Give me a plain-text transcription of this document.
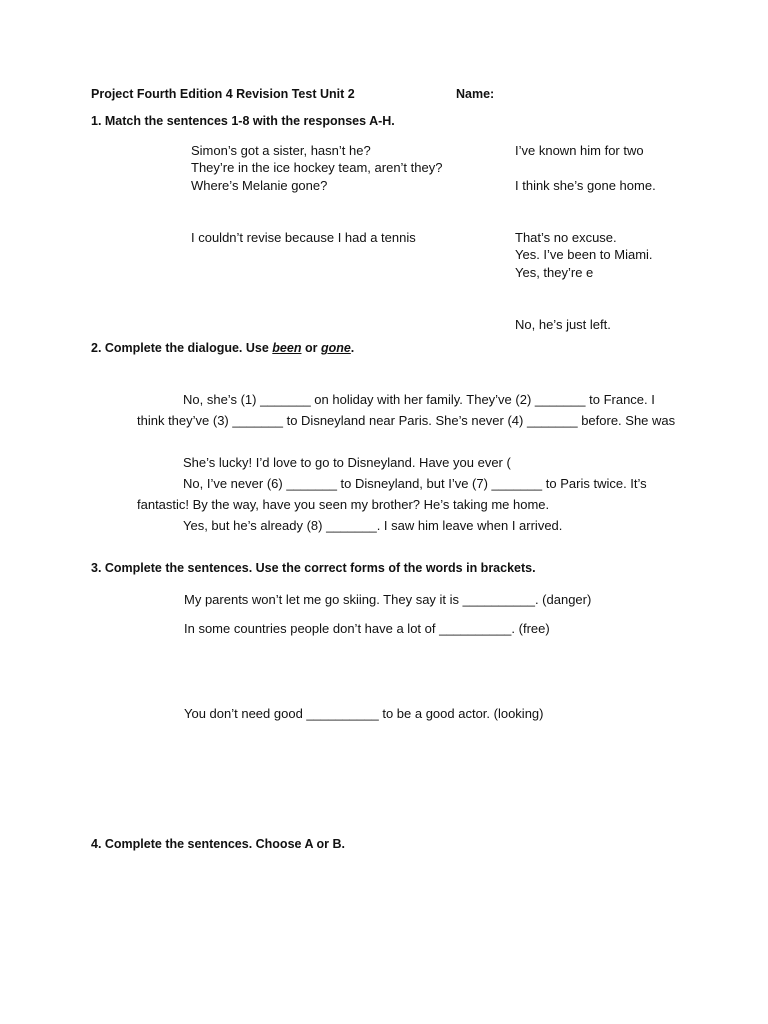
Project Fourth Edition 4 Revision Test Unit 2	Name:
1. Match the sentences 1-8 with the responses A-H.
Simon’s got a sister, hasn’t he?
They’re in the ice hockey team, aren’t they?
Where’s Melanie gone?
I couldn’t revise because I had a tennis
I’ve known him for two
I think she’s gone home.
That’s no excuse.
Yes. I’ve been to Miami.
Yes, they’re e
No, he’s just left.
2. Complete the dialogue. Use been or gone.
No, she’s (1) _______ on holiday with her family. They’ve (2) _______ to France. I
think they’ve (3) _______ to Disneyland near Paris. She’s never (4) _______ before. She was
She’s lucky! I’d love to go to Disneyland. Have you ever (
No, I’ve never (6) _______ to Disneyland, but I’ve (7) _______ to Paris twice. It’s
fantastic! By the way, have you seen my brother? He’s taking me home.
Yes, but he’s already (8) _______. I saw him leave when I arrived.
3. Complete the sentences. Use the correct forms of the words in brackets.
My parents won’t let me go skiing. They say it is __________. (danger)
In some countries people don’t have a lot of __________. (free)
You don’t need good __________ to be a good actor. (looking)
4. Complete the sentences. Choose A or B.
